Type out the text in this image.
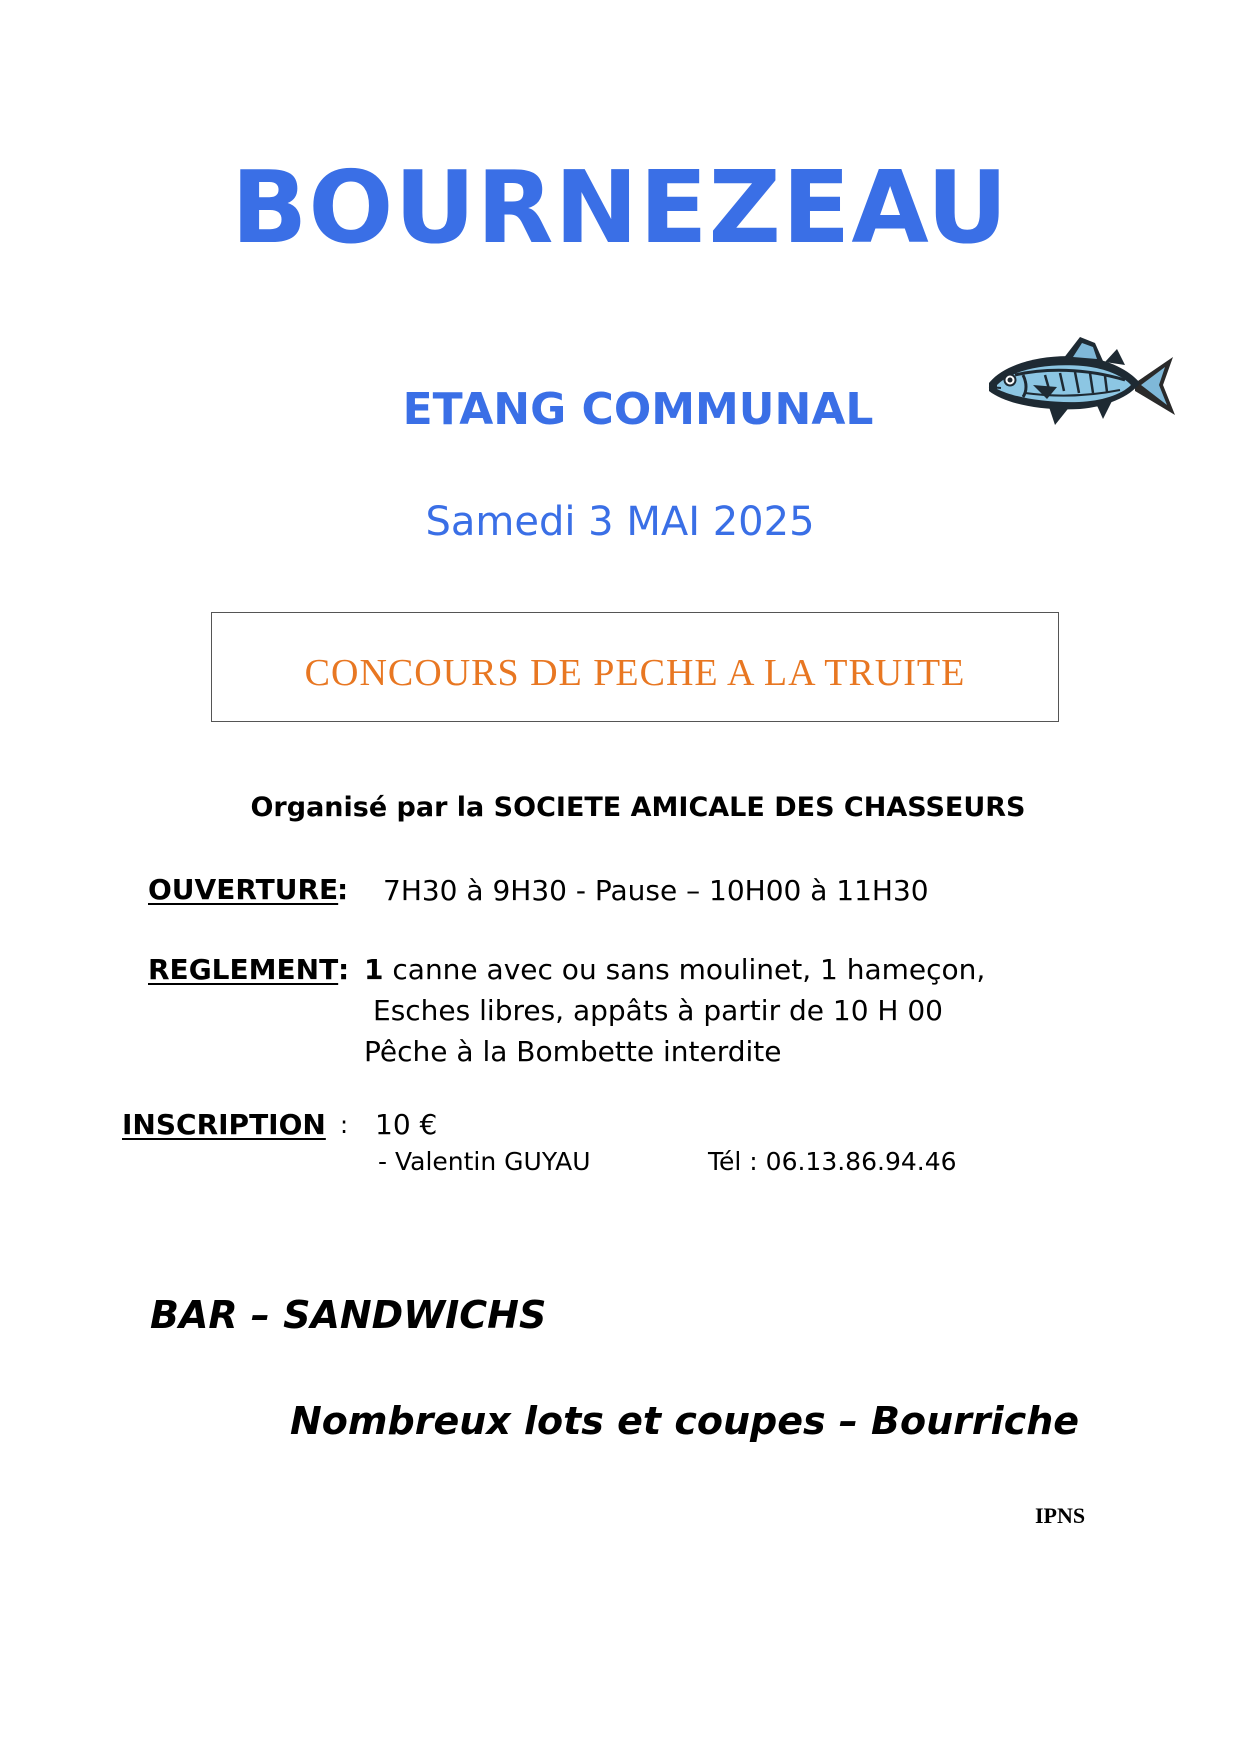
BOURNEZEAU
ETANG COMMUNAL
Samedi 3 MAI 2025
CONCOURS DE PECHE A LA TRUITE
Organisé par la SOCIETE AMICALE DES CHASSEURS
OUVERTURE
: 7H30 à 9H30 - Pause – 10H00 à 11H30
REGLEMENT : 1 canne avec ou sans moulinet, 1 hameçon,
Esches libres, appâts à partir de 10 H 00
Pêche à la Bombette interdite
INSCRIPTION : 10 €
- Valentin GUYAU	Tél : 06.13.86.94.46
BAR – SANDWICHS
Nombreux lots et coupes – Bourriche
IPNS
